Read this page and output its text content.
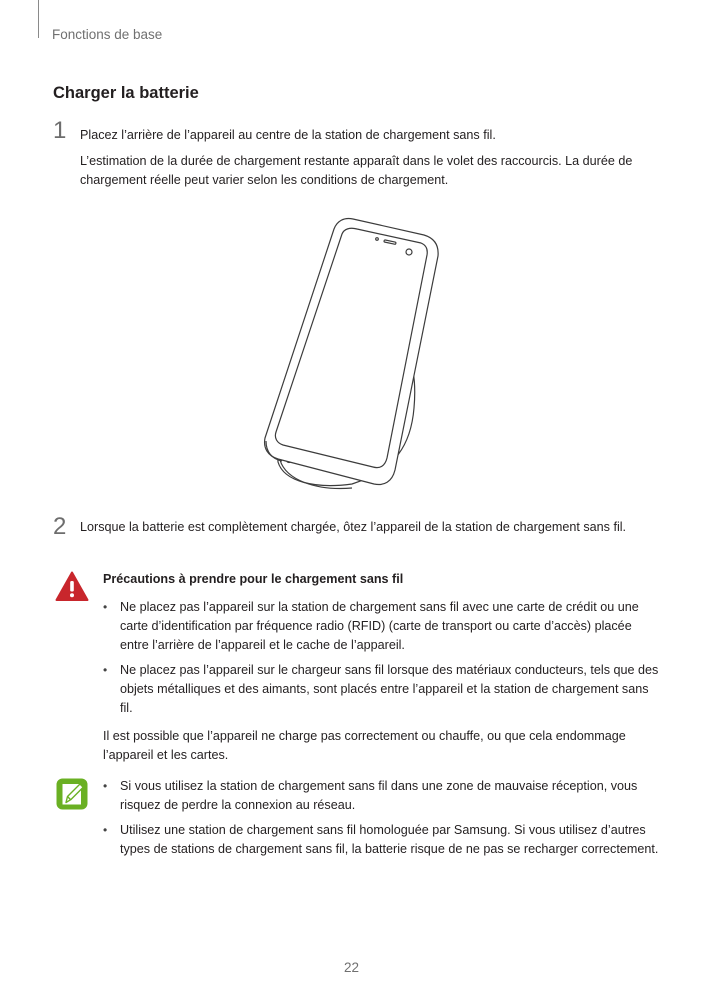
Fonctions de base
Charger la batterie
1 Placez l’arrière de l’appareil au centre de la station de chargement sans fil.

L’estimation de la durée de chargement restante apparaît dans le volet des raccourcis. La durée de chargement réelle peut varier selon les conditions de chargement.

2 Lorsque la batterie est complètement chargée, ôtez l’appareil de la station de chargement sans fil.

Précautions à prendre pour le chargement sans fil
• Ne placez pas l’appareil sur la station de chargement sans fil avec une carte de crédit ou une carte d’identification par fréquence radio (RFID) (carte de transport ou carte d’accès) placée entre l’arrière de l’appareil et le cache de l’appareil.
• Ne placez pas l’appareil sur le chargeur sans fil lorsque des matériaux conducteurs, tels que des objets métalliques et des aimants, sont placés entre l’appareil et la station de chargement sans fil.

Il est possible que l’appareil ne charge pas correctement ou chauffe, ou que cela endommage l’appareil et les cartes.

• Si vous utilisez la station de chargement sans fil dans une zone de mauvaise réception, vous risquez de perdre la connexion au réseau.
• Utilisez une station de chargement sans fil homologuée par Samsung. Si vous utilisez d’autres types de stations de chargement sans fil, la batterie risque de ne pas se recharger correctement.
22
